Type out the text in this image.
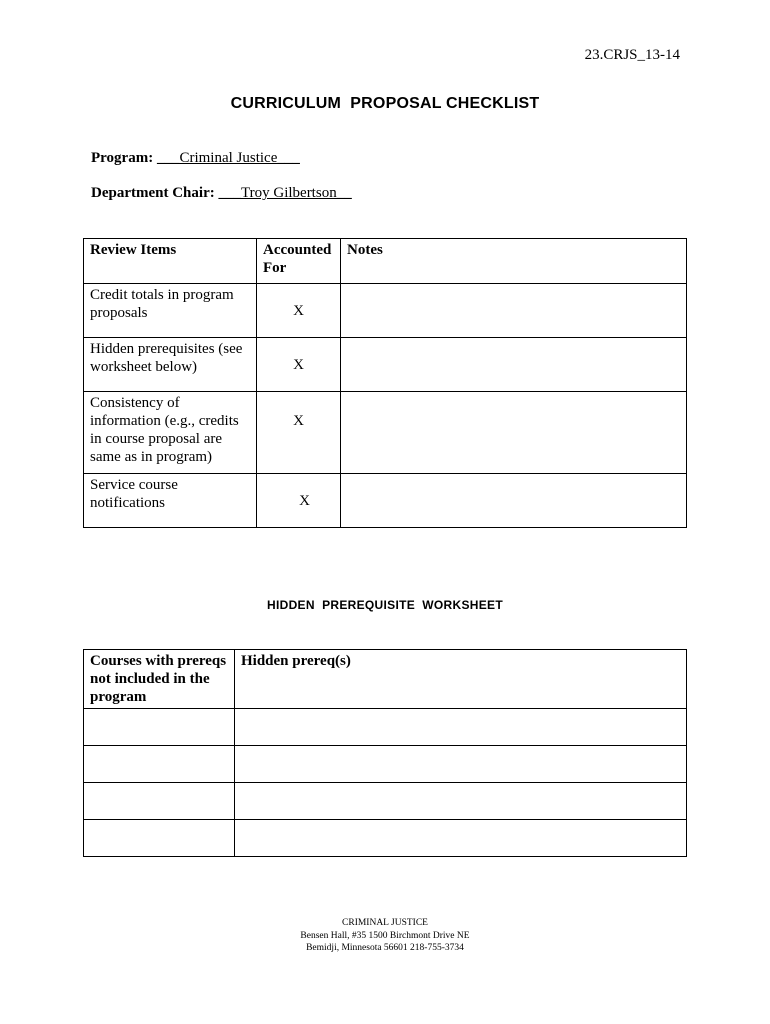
23.CRJS_13-14
CURRICULUM  PROPOSAL CHECKLIST
Program: ___Criminal Justice___
Department Chair: ___Troy Gilbertson__
Review Items	Accounted For	Notes
Credit totals in program proposals	X	
Hidden prerequisites (see worksheet below)	X	
Consistency of information (e.g., credits in course proposal are same as in program)	X	
Service course notifications	X	
HIDDEN  PREREQUISITE  WORKSHEET
Courses with prereqs not included in the program	Hidden prereq(s)

CRIMINAL JUSTICE
Bensen Hall, #35 1500 Birchmont Drive NE
Bemidji, Minnesota 56601 218-755-3734
